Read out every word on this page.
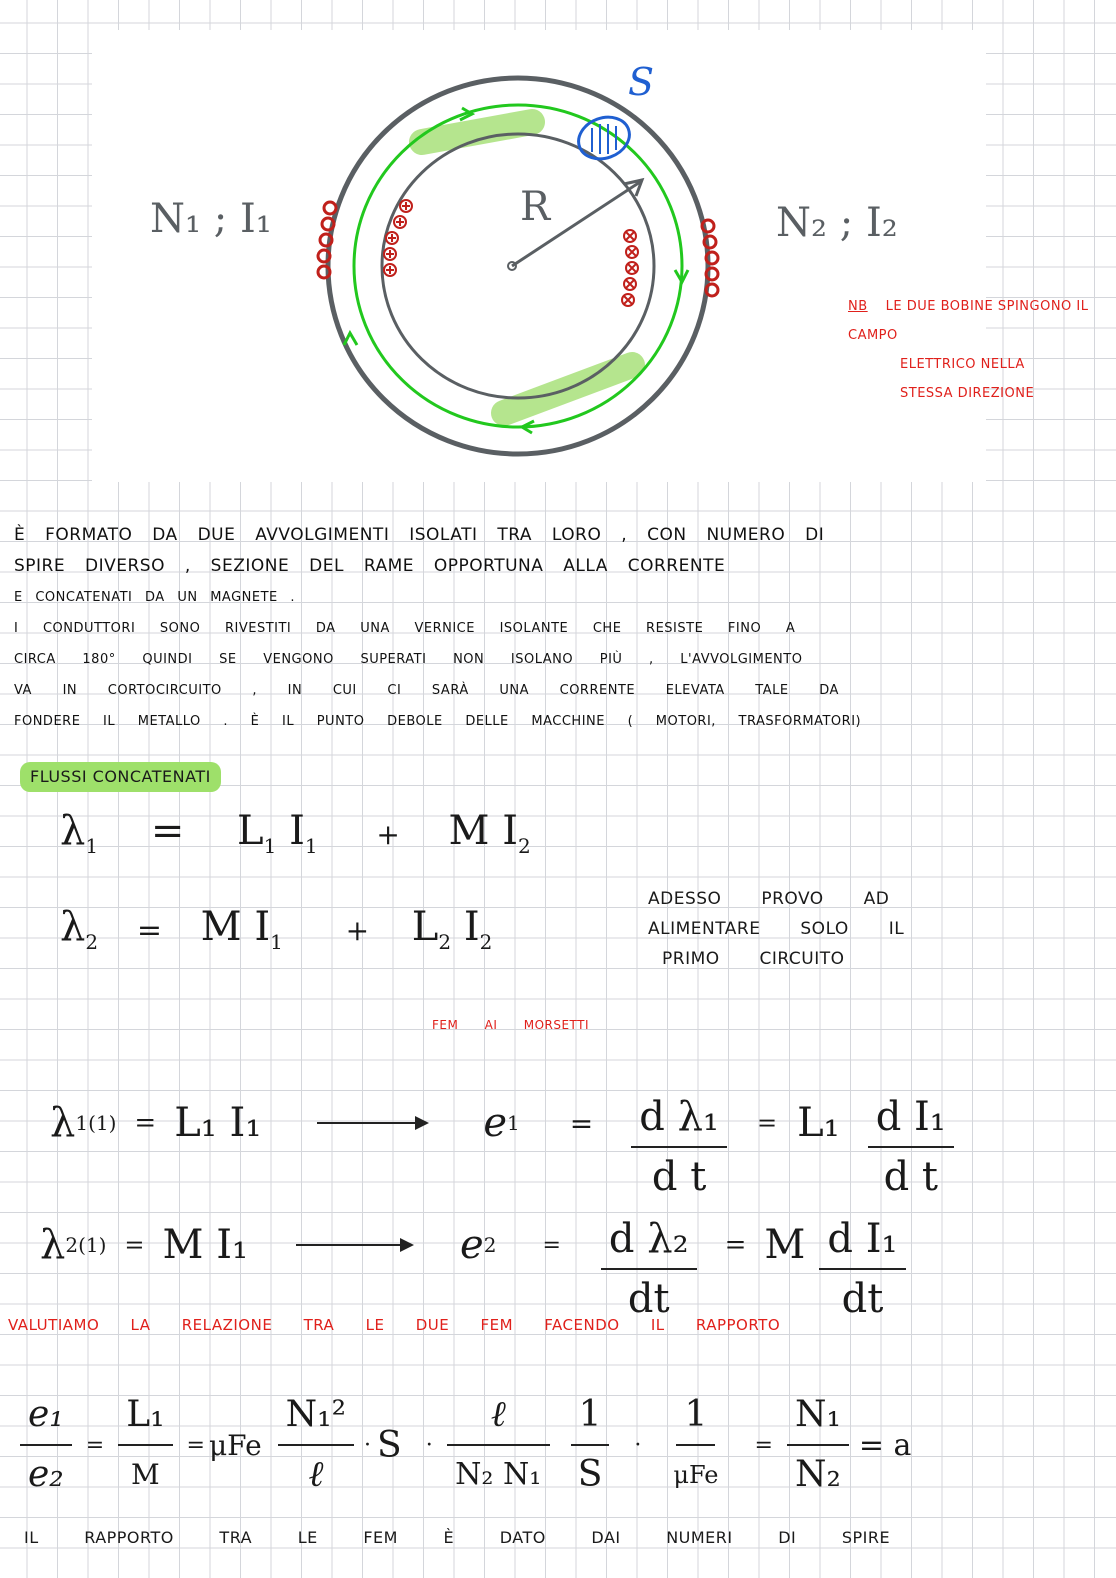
N₁ ; I₁	N₂ ; I₂
R
S
NB LE DUE BOBINE SPINGONO IL CAMPO
ELETTRICO NELLA
STESSA DIREZIONE
È FORMATO DA DUE AVVOLGIMENTI ISOLATI TRA LORO , CON NUMERO DI
SPIRE DIVERSO , SEZIONE DEL RAME OPPORTUNA ALLA CORRENTE
E CONCATENATI DA UN MAGNETE .
I CONDUTTORI SONO RIVESTITI DA UNA VERNICE ISOLANTE CHE RESISTE FINO A
CIRCA 180° QUINDI SE VENGONO SUPERATI NON ISOLANO PIÙ , L'AVVOLGIMENTO
VA IN CORTOCIRCUITO , IN CUI CI SARÀ UNA CORRENTE ELEVATA TALE DA
FONDERE IL METALLO . È IL PUNTO DEBOLE DELLE MACCHINE ( MOTORI, TRASFORMATORI)
FLUSSI CONCATENATI
$\lambda_1 = L_1$ $I_1 + M$ $I_2$
$\lambda_2 = M$ $I_1 + L_2$ $I_2$
ADESSO PROVO AD
ALIMENTARE SOLO IL
PRIMO CIRCUITO
FEM AI MORSETTI
λ 1(1) = L₁ I₁	e $1 = \frac{\text{d λ₁}}{\text{d t}} = L_1 \frac{\text{d I₁}}{\text{d t}}$
λ 2(1) = M I₁	e $2 = \frac{\text{d λ₂}}{dt} = M \frac{\text{d I₁}}{dt}$
VALUTIAMO LA RELAZIONE TRA LE DUE FEM FACENDO IL RAPPORTO
$\frac{\text{e₁}}{\text{e₂}} = \frac{\text{L₁}}{M} = \mu Fe \frac{\text{N₁²}}{\text{ℓ}} \cdot S \cdot \frac{\text{ℓ}}{\text{N₂ N₁}} \frac{1}{S} \cdot \frac{1}{\text{μFe}} = \frac{\text{N₁}}{\text{N₂}} = a$
IL RAPPORTO TRA LE FEM È DATO DAI NUMERI DI SPIRE
